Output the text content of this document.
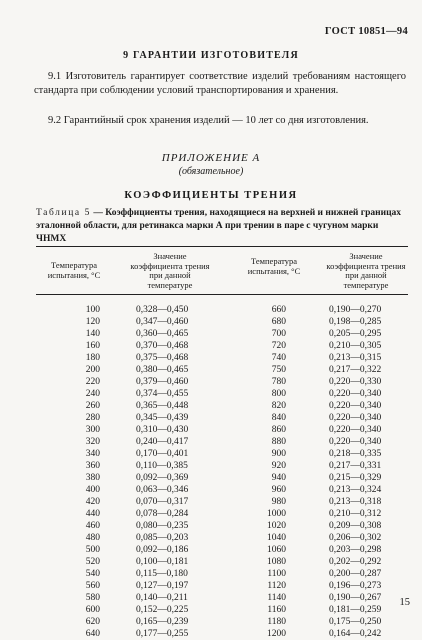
ГОСТ 10851—94
9 ГАРАНТИИ ИЗГОТОВИТЕЛЯ
9.1 Изготовитель гарантирует соответствие изделий требованиям настоящего стандарта при соблюдении условий транспортирования и хранения.
9.2 Гарантийный срок хранения изделий — 10 лет со дня изготовления.
ПРИЛОЖЕНИЕ А
(обязательное)
КОЭФФИЦИЕНТЫ ТРЕНИЯ
Таблица 5 — Коэффициенты трения, находящиеся на верхней и нижней границах эталонной области, для ретинакса марки А при трении в паре с чугуном марки ЧНМХ
Температура испытания, °С
Значение коэффициента трения при данной температуре
Температура испытания, °С
Значение коэффициента трения при данной температуре
100
120
140
160
180
200
220
240
260
280
300
320
340
360
380
400
420
440
460
480
500
520
540
560
580
600
620
640
0,328—0,450
0,347—0,460
0,360—0,465
0,370—0,468
0,375—0,468
0,380—0,465
0,379—0,460
0,374—0,455
0,365—0,448
0,345—0,439
0,310—0,430
0,240—0,417
0,170—0,401
0,110—0,385
0,092—0,369
0,063—0,346
0,070—0,317
0,078—0,284
0,080—0,235
0,085—0,203
0,092—0,186
0,100—0,181
0,115—0,180
0,127—0,197
0,140—0,211
0,152—0,225
0,165—0,239
0,177—0,255
660
680
700
720
740
750
780
800
820
840
860
880
900
920
940
960
980
1000
1020
1040
1060
1080
1100
1120
1140
1160
1180
1200
0,190—0,270
0,198—0,285
0,205—0,295
0,210—0,305
0,213—0,315
0,217—0,322
0,220—0,330
0,220—0,340
0,220—0,340
0,220—0,340
0,220—0,340
0,220—0,340
0,218—0,335
0,217—0,331
0,215—0,329
0,213—0,324
0,213—0,318
0,210—0,312
0,209—0,308
0,206—0,302
0,203—0,298
0,202—0,292
0,200—0,287
0,196—0,273
0,190—0,267
0,181—0,259
0,175—0,250
0,164—0,242
15
